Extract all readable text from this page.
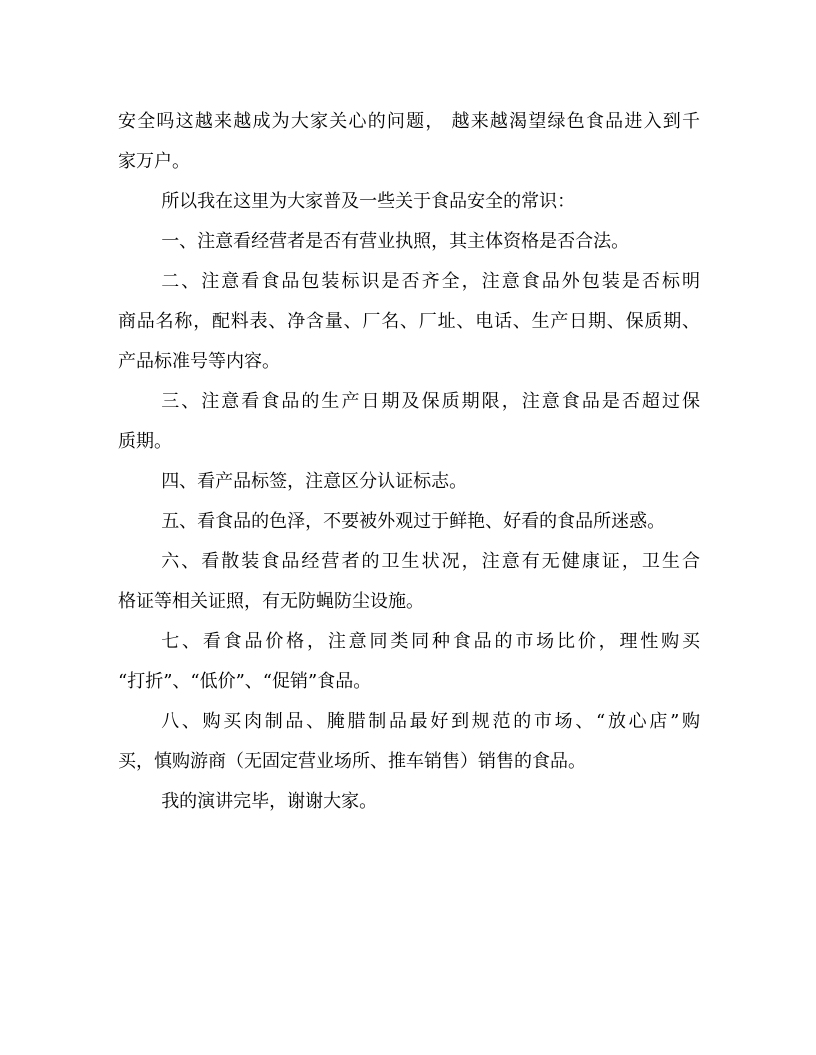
安全吗这越来越成为大家关心的问题， 越来越渴望绿色食品进入到千
家万户。

所以我在这里为大家普及一些关于食品安全的常识：

一、注意看经营者是否有营业执照，其主体资格是否合法。

二、注意看食品包装标识是否齐全，注意食品外包装是否标明
商品名称，配料表、净含量、厂名、厂址、电话、生产日期、保质期、
产品标准号等内容。

三、注意看食品的生产日期及保质期限，注意食品是否超过保
质期。

四、看产品标签，注意区分认证标志。

五、看食品的色泽，不要被外观过于鲜艳、好看的食品所迷惑。

六、看散装食品经营者的卫生状况，注意有无健康证，卫生合
格证等相关证照，有无防蝇防尘设施。

七、看食品价格，注意同类同种食品的市场比价，理性购买
“打折”、“低价”、“促销”食品。

八、购买肉制品、腌腊制品最好到规范的市场、“放心店”购
买，慎购游商（无固定营业场所、推车销售）销售的食品。

我的演讲完毕，谢谢大家。
